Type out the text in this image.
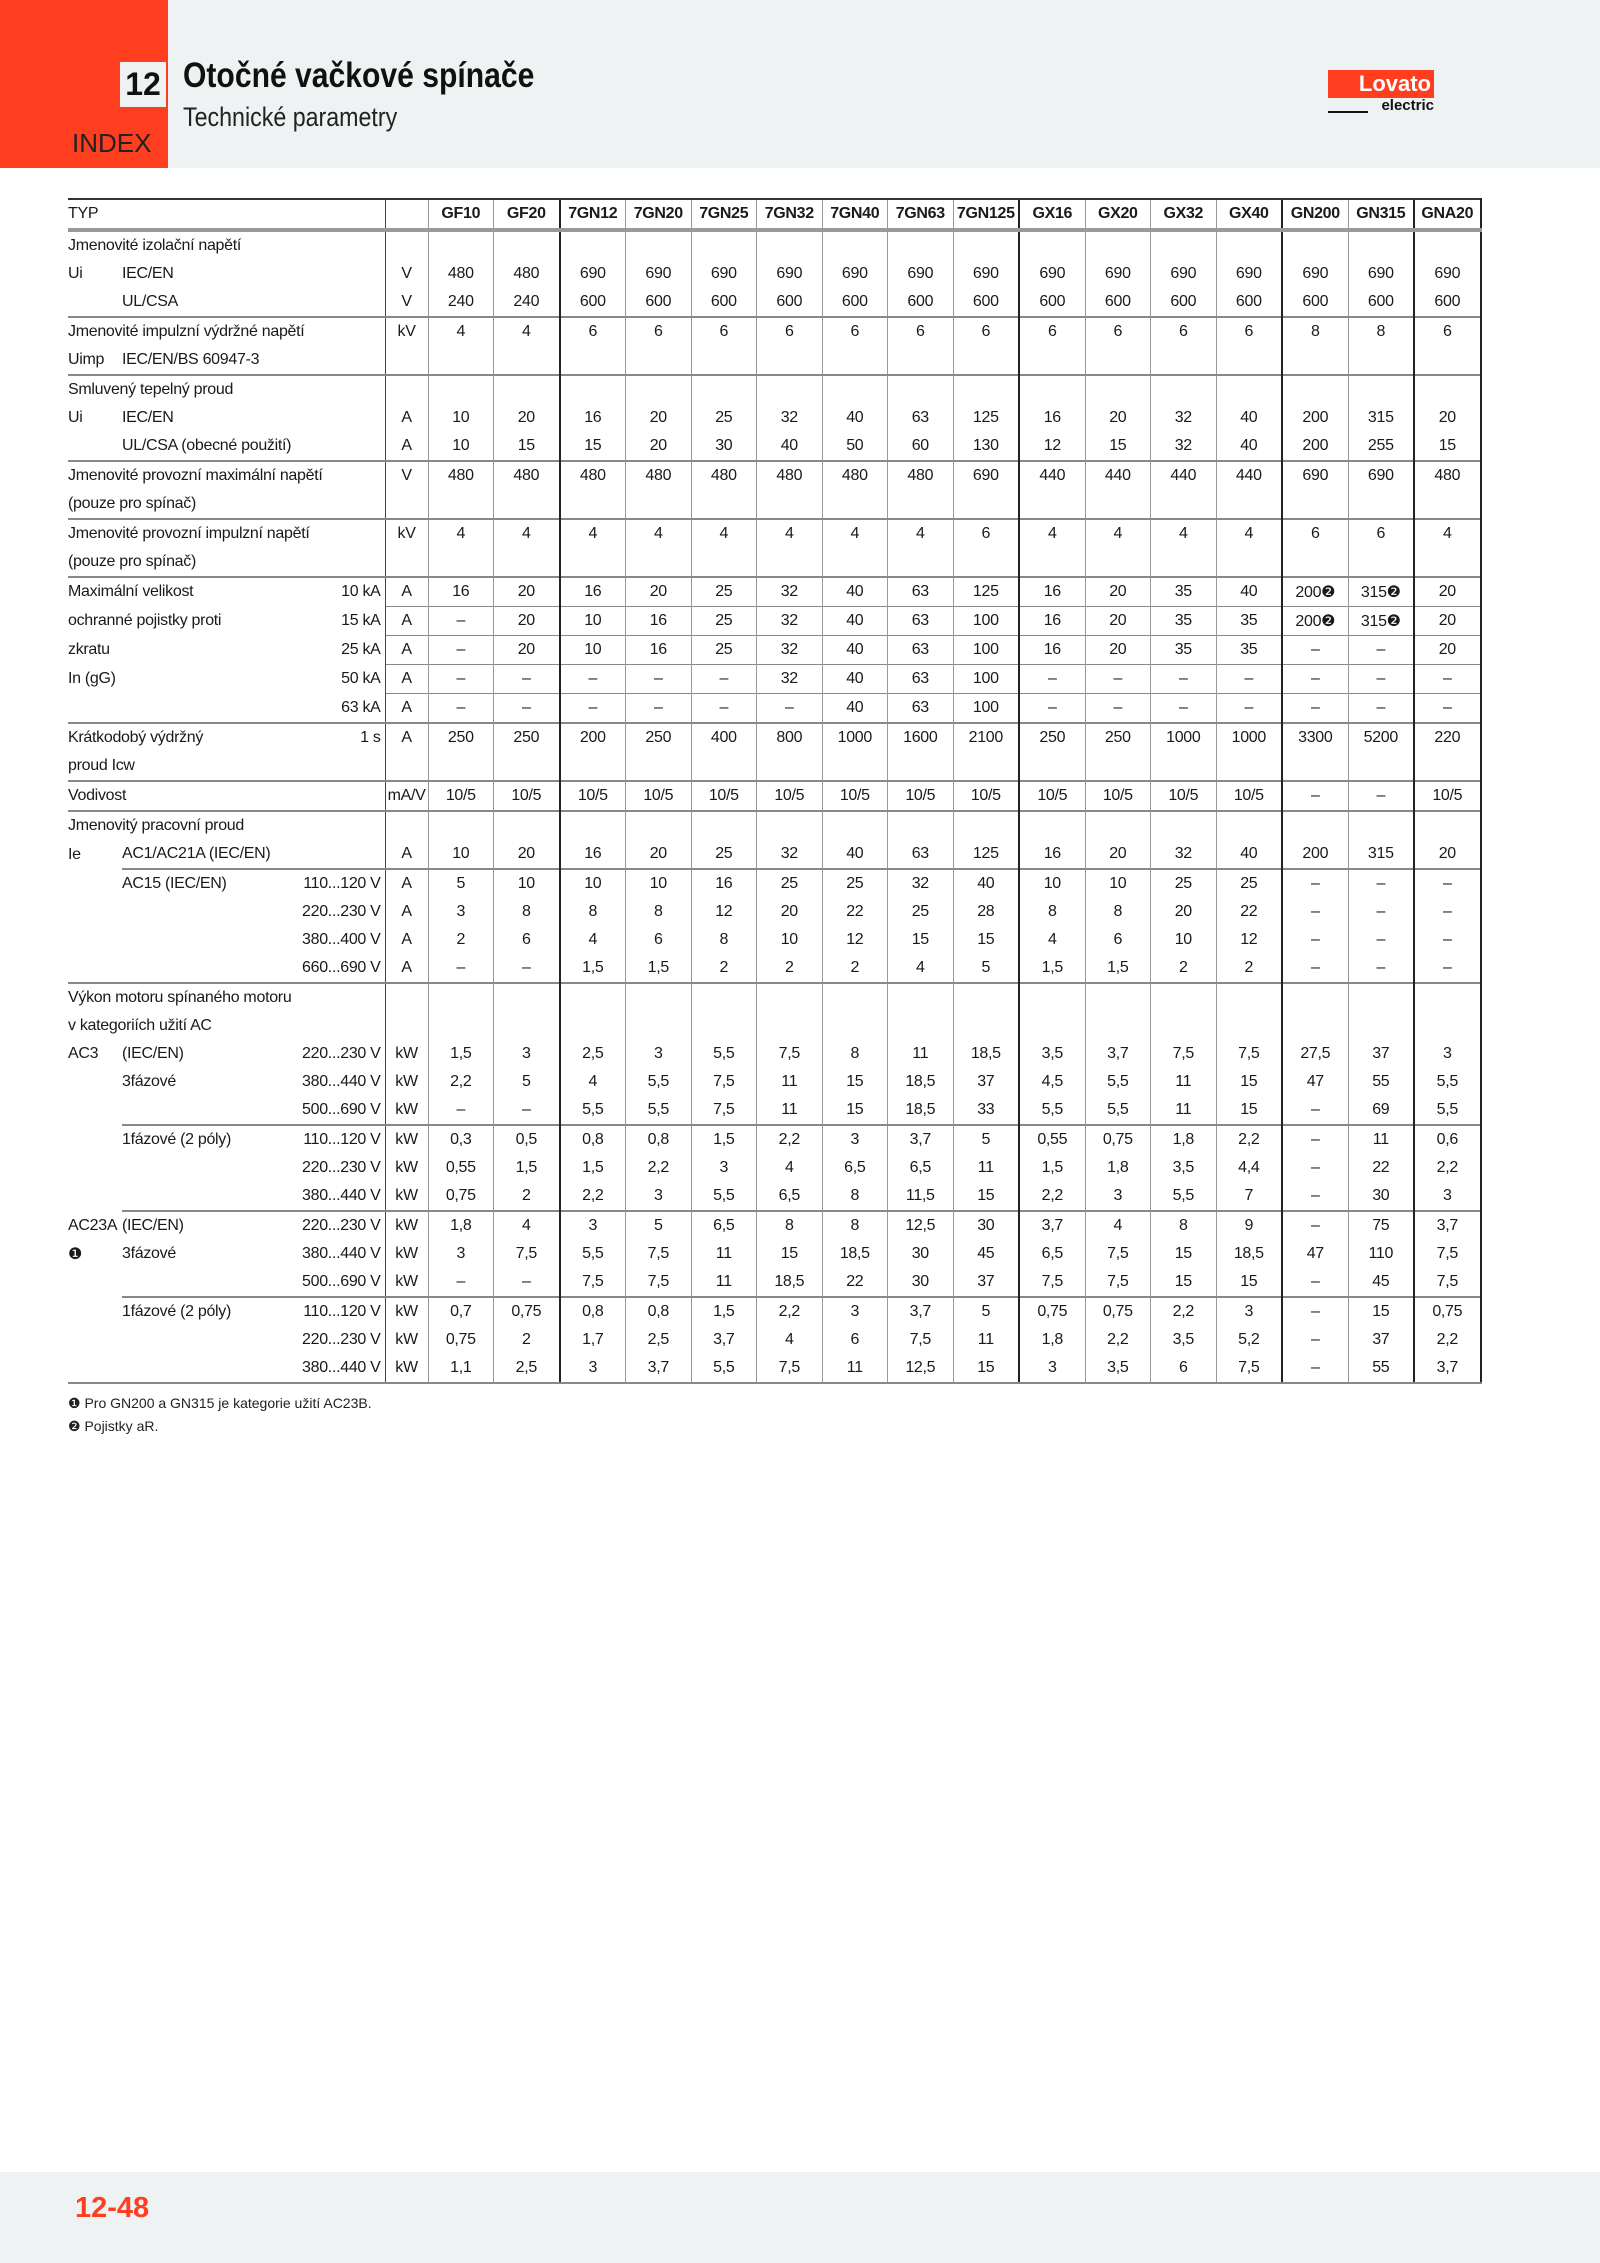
12
INDEX
Otočné vačkové spínače
Technické parametry
Lovato
electric
TYP				GF10	GF20	7GN12	7GN20	7GN25	7GN32	7GN40	7GN63	7GN125	GX16	GX20	GX32	GX40	GN200	GN315	GNA20
Jmenovité izolační napětí																			
Ui	IEC/EN		V	480	480	690	690	690	690	690	690	690	690	690	690	690	690	690	690
	UL/CSA		V	240	240	600	600	600	600	600	600	600	600	600	600	600	600	600	600
Jmenovité impulzní výdržné napětí			kV	4	4	6	6	6	6	6	6	6	6	6	6	6	8	8	6
Uimp	IEC/EN/BS 60947-3																		
Smluvený tepelný proud																			
Ui	IEC/EN		A	10	20	16	20	25	32	40	63	125	16	20	32	40	200	315	20
	UL/CSA (obecné použití)		A	10	15	15	20	30	40	50	60	130	12	15	32	40	200	255	15
Jmenovité provozní maximální napětí			V	480	480	480	480	480	480	480	480	690	440	440	440	440	690	690	480
(pouze pro spínač)																			
Jmenovité provozní impulzní napětí			kV	4	4	4	4	4	4	4	4	6	4	4	4	4	6	6	4
(pouze pro spínač)																			
Maximální velikost		10 kA	A	16	20	16	20	25	32	40	63	125	16	20	35	40	200❷	315❷	20
ochranné pojistky proti		15 kA	A	–	20	10	16	25	32	40	63	100	16	20	35	35	200❷	315❷	20
zkratu		25 kA	A	–	20	10	16	25	32	40	63	100	16	20	35	35	–	–	20
In (gG)		50 kA	A	–	–	–	–	–	32	40	63	100	–	–	–	–	–	–	–
		63 kA	A	–	–	–	–	–	–	40	63	100	–	–	–	–	–	–	–
Krátkodobý výdržný		1 s	A	250	250	200	250	400	800	1000	1600	2100	250	250	1000	1000	3300	5200	220
proud Icw																			
Vodivost			mA/V	10/5	10/5	10/5	10/5	10/5	10/5	10/5	10/5	10/5	10/5	10/5	10/5	10/5	–	–	10/5
Jmenovitý pracovní proud																			
Ie	AC1/AC21A (IEC/EN)		A	10	20	16	20	25	32	40	63	125	16	20	32	40	200	315	20
	AC15 (IEC/EN)	110...120 V	A	5	10	10	10	16	25	25	32	40	10	10	25	25	–	–	–
		220...230 V	A	3	8	8	8	12	20	22	25	28	8	8	20	22	–	–	–
		380...400 V	A	2	6	4	6	8	10	12	15	15	4	6	10	12	–	–	–
		660...690 V	A	–	–	1,5	1,5	2	2	2	4	5	1,5	1,5	2	2	–	–	–
Výkon motoru spínaného motoru																			
v kategoriích užití AC																			
AC3	(IEC/EN)	220...230 V	kW	1,5	3	2,5	3	5,5	7,5	8	11	18,5	3,5	3,7	7,5	7,5	27,5	37	3
	3fázové	380...440 V	kW	2,2	5	4	5,5	7,5	11	15	18,5	37	4,5	5,5	11	15	47	55	5,5
		500...690 V	kW	–	–	5,5	5,5	7,5	11	15	18,5	33	5,5	5,5	11	15	–	69	5,5
	1fázové (2 póly)	110...120 V	kW	0,3	0,5	0,8	0,8	1,5	2,2	3	3,7	5	0,55	0,75	1,8	2,2	–	11	0,6
		220...230 V	kW	0,55	1,5	1,5	2,2	3	4	6,5	6,5	11	1,5	1,8	3,5	4,4	–	22	2,2
		380...440 V	kW	0,75	2	2,2	3	5,5	6,5	8	11,5	15	2,2	3	5,5	7	–	30	3
AC23A	(IEC/EN)	220...230 V	kW	1,8	4	3	5	6,5	8	8	12,5	30	3,7	4	8	9	–	75	3,7
❶	3fázové	380...440 V	kW	3	7,5	5,5	7,5	11	15	18,5	30	45	6,5	7,5	15	18,5	47	110	7,5
		500...690 V	kW	–	–	7,5	7,5	11	18,5	22	30	37	7,5	7,5	15	15	–	45	7,5
	1fázové (2 póly)	110...120 V	kW	0,7	0,75	0,8	0,8	1,5	2,2	3	3,7	5	0,75	0,75	2,2	3	–	15	0,75
		220...230 V	kW	0,75	2	1,7	2,5	3,7	4	6	7,5	11	1,8	2,2	3,5	5,2	–	37	2,2
		380...440 V	kW	1,1	2,5	3	3,7	5,5	7,5	11	12,5	15	3	3,5	6	7,5	–	55	3,7
❶ Pro GN200 a GN315 je kategorie užití AC23B.
❷ Pojistky aR.
12-48
